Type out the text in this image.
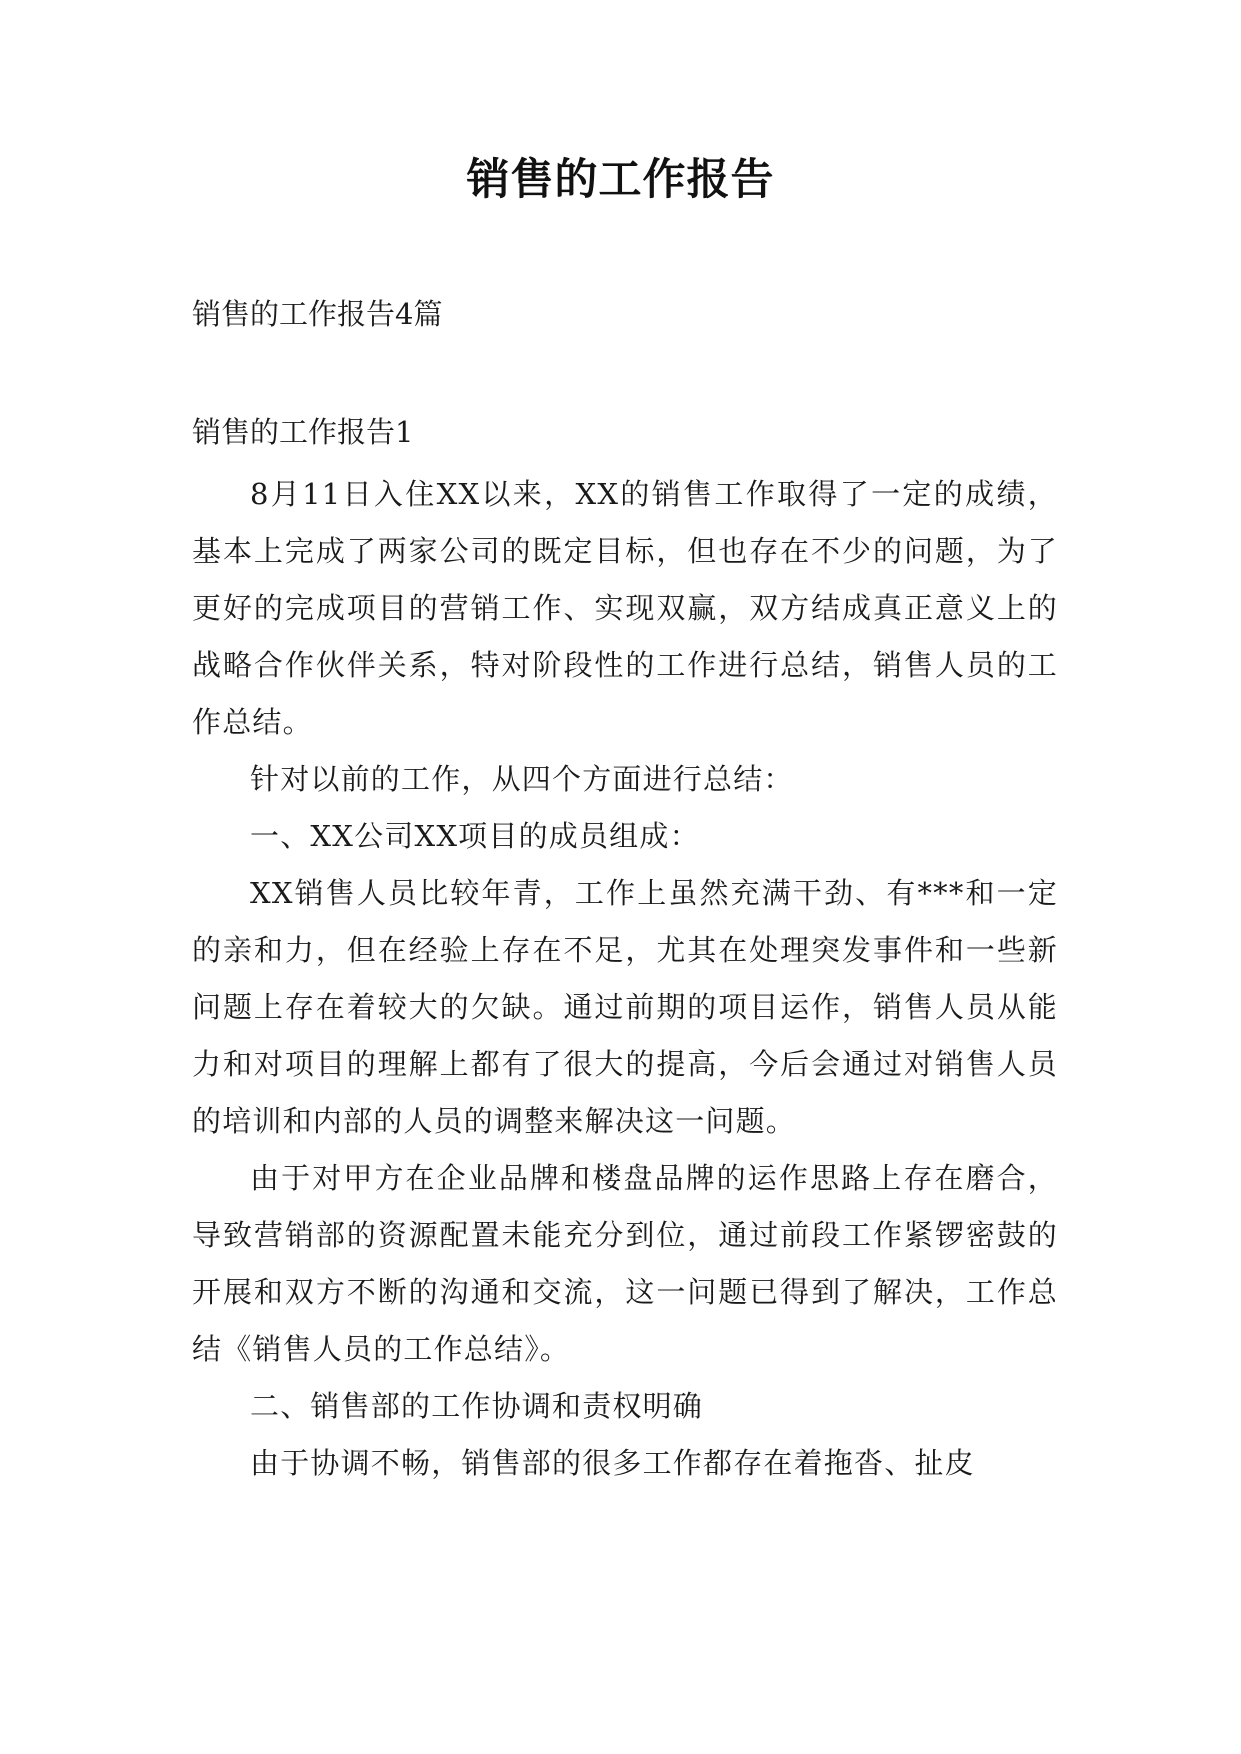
销售的工作报告

销售的工作报告4篇

销售的工作报告1

8月11日入住XX以来，XX的销售工作取得了一定的成绩，基本上完成了两家公司的既定目标，但也存在不少的问题，为了更好的完成项目的营销工作、实现双赢，双方结成真正意义上的战略合作伙伴关系，特对阶段性的工作进行总结，销售人员的工作总结。

针对以前的工作，从四个方面进行总结：

一、XX公司XX项目的成员组成：

XX销售人员比较年青，工作上虽然充满干劲、有***和一定的亲和力，但在经验上存在不足，尤其在处理突发事件和一些新问题上存在着较大的欠缺。通过前期的项目运作，销售人员从能力和对项目的理解上都有了很大的提高，今后会通过对销售人员的培训和内部的人员的调整来解决这一问题。

由于对甲方在企业品牌和楼盘品牌的运作思路上存在磨合，导致营销部的资源配置未能充分到位，通过前段工作紧锣密鼓的开展和双方不断的沟通和交流，这一问题已得到了解决，工作总结《销售人员的工作总结》。

二、销售部的工作协调和责权明确

由于协调不畅，销售部的很多工作都存在着拖沓、扯皮
